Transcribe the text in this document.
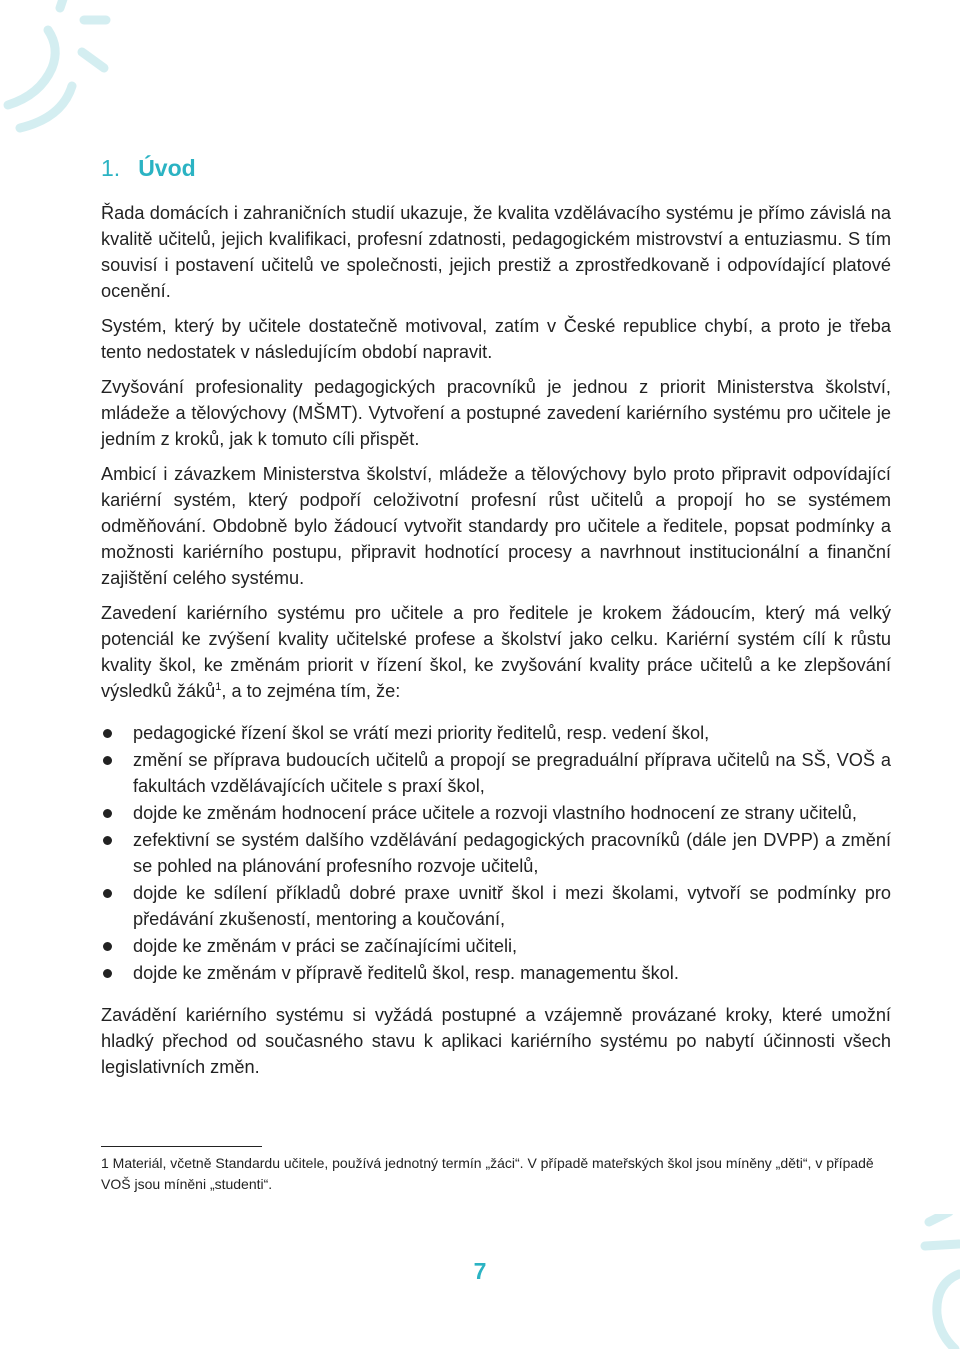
1. Úvod

Řada domácích i zahraničních studií ukazuje, že kvalita vzdělávacího systému je přímo závislá na kvalitě učitelů, jejich kvalifikaci, profesní zdatnosti, pedagogickém mistrovství a entuziasmu. S tím souvisí i postavení učitelů ve společnosti, jejich prestiž a zprostředkovaně i odpovídající platové ocenění.

Systém, který by učitele dostatečně motivoval, zatím v České republice chybí, a proto je třeba tento nedostatek v následujícím období napravit.

Zvyšování profesionality pedagogických pracovníků je jednou z priorit Ministerstva školství, mládeže a tělovýchovy (MŠMT). Vytvoření a postupné zavedení kariérního systému pro učitele je jedním z kroků, jak k tomuto cíli přispět.

Ambicí i závazkem Ministerstva školství, mládeže a tělovýchovy bylo proto připravit odpovídající kariérní systém, který podpoří celoživotní profesní růst učitelů a propojí ho se systémem odměňování. Obdobně bylo žádoucí vytvořit standardy pro učitele a ředitele, popsat podmínky a možnosti kariérního postupu, připravit hodnotící procesy a navrhnout institucionální a finanční zajištění celého systému.

Zavedení kariérního systému pro učitele a pro ředitele je krokem žádoucím, který má velký potenciál ke zvýšení kvality učitelské profese a školství jako celku. Kariérní systém cílí k růstu kvality škol, ke změnám priorit v řízení škol, ke zvyšování kvality práce učitelů a ke zlepšování výsledků žáků$^1$, a to zejména tím, že:

pedagogické řízení škol se vrátí mezi priority ředitelů, resp. vedení škol,
změní se příprava budoucích učitelů a propojí se pregraduální příprava učitelů na SŠ, VOŠ a fakultách vzdělávajících učitele s praxí škol,
dojde ke změnám hodnocení práce učitele a rozvoji vlastního hodnocení ze strany učitelů,
zefektivní se systém dalšího vzdělávání pedagogických pracovníků (dále jen DVPP) a změní se pohled na plánování profesního rozvoje učitelů,
dojde ke sdílení příkladů dobré praxe uvnitř škol i mezi školami, vytvoří se podmínky pro předávání zkušeností, mentoring a koučování,
dojde ke změnám v práci se začínajícími učiteli,
dojde ke změnám v přípravě ředitelů škol, resp. managementu škol.

Zavádění kariérního systému si vyžádá postupné a vzájemně provázané kroky, které umožní hladký přechod od současného stavu k aplikaci kariérního systému po nabytí účinnosti všech legislativních změn.

1 Materiál, včetně Standardu učitele, používá jednotný termín „žáci“. V případě mateřských škol jsou míněny „děti“, v případě VOŠ jsou míněni „studenti“.
7
